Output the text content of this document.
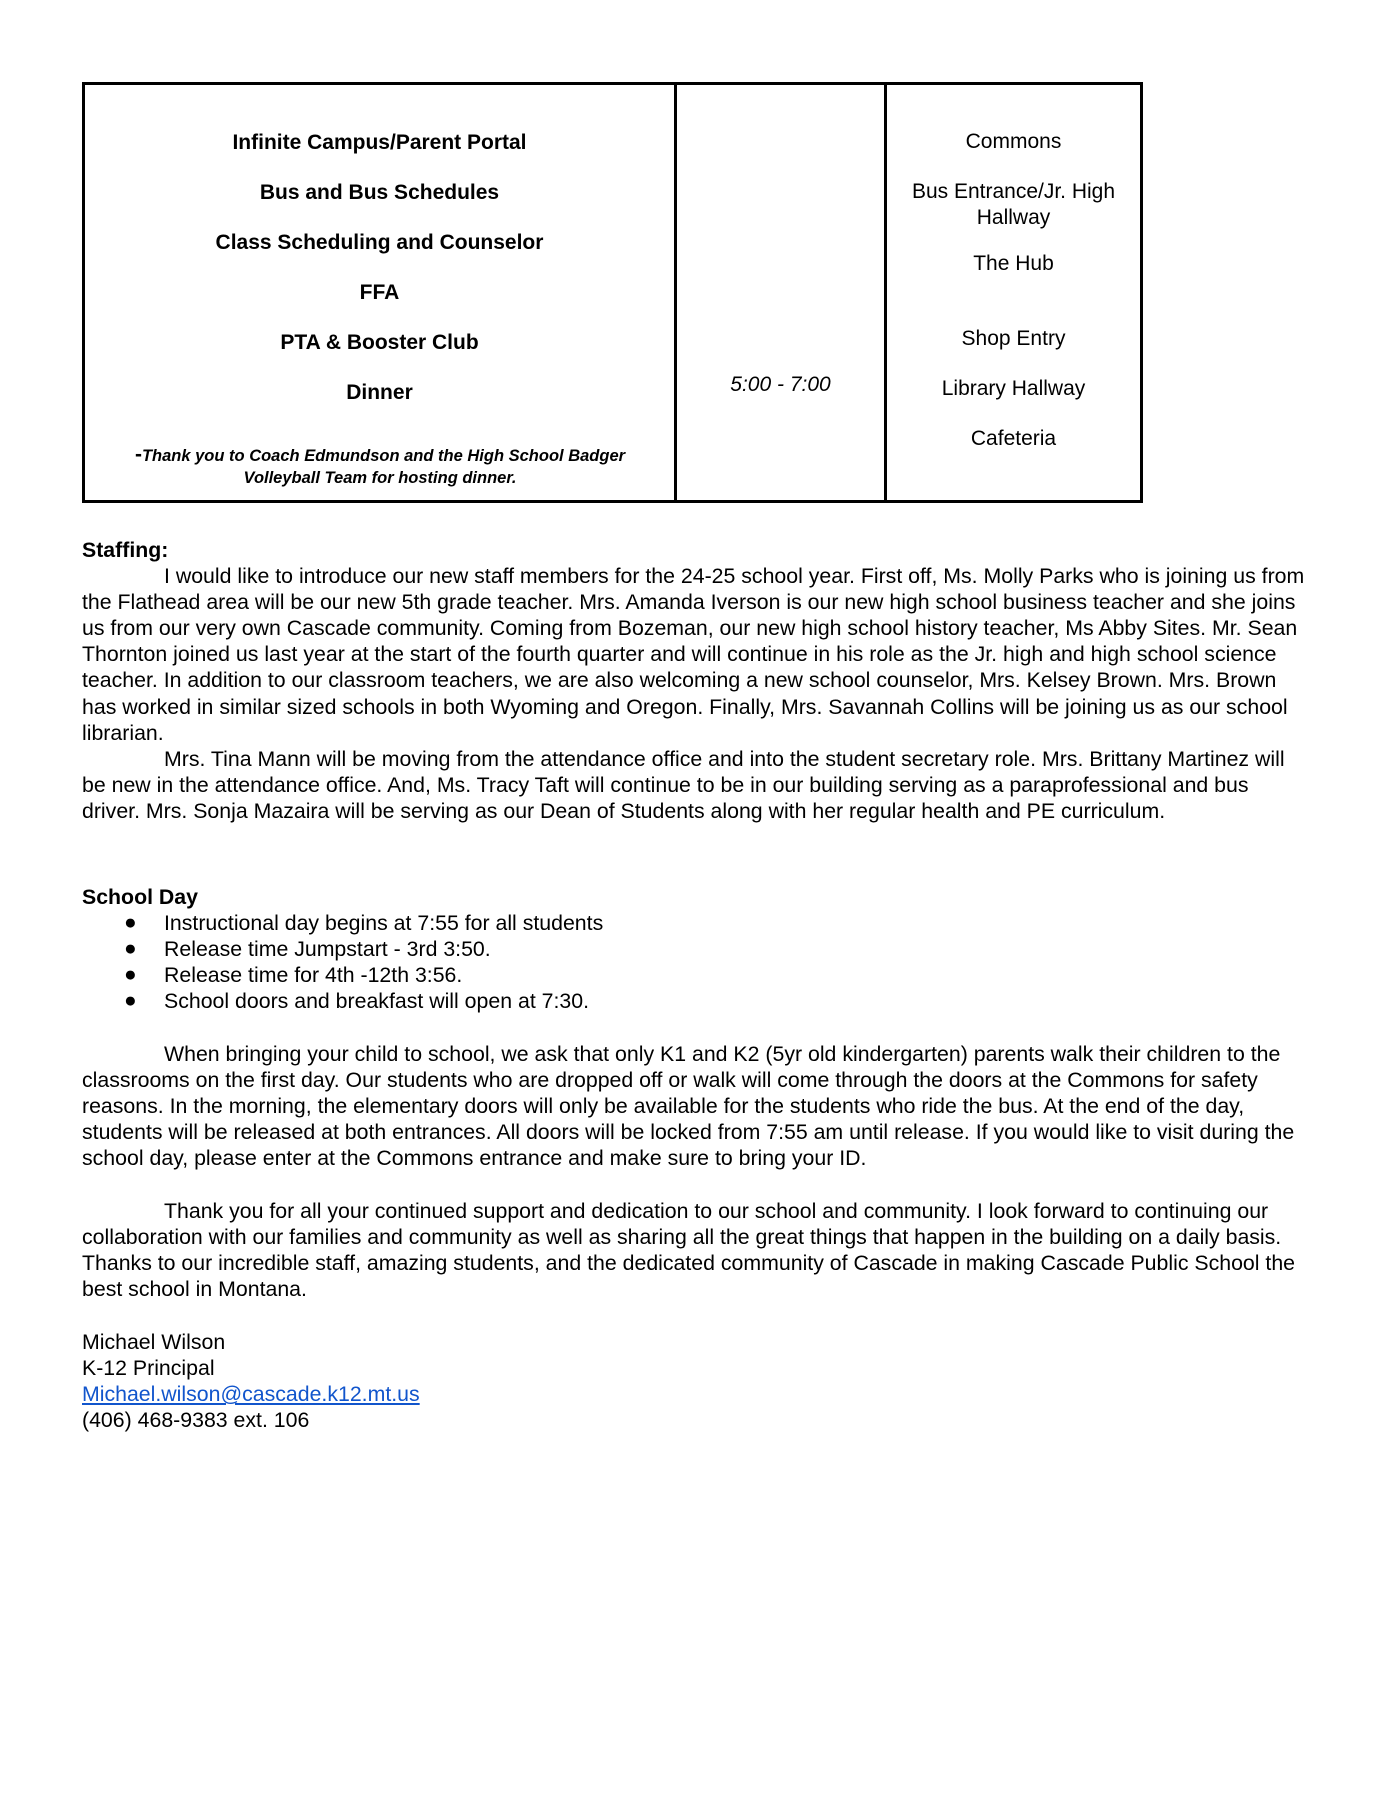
Infinite Campus/Parent Portal
Bus and Bus Schedules
Class Scheduling and Counselor
FFA
PTA & Booster Club
Dinner
-Thank you to Coach Edmundson and the High School Badger Volleyball Team for hosting dinner.
5:00 - 7:00
Commons
Bus Entrance/Jr. High Hallway
The Hub
Shop Entry
Library Hallway
Cafeteria
Staffing:
I would like to introduce our new staff members for the 24-25 school year. First off, Ms. Molly Parks who is joining us from the Flathead area will be our new 5th grade teacher. Mrs. Amanda Iverson is our new high school business teacher and she joins us from our very own Cascade community. Coming from Bozeman, our new high school history teacher, Ms Abby Sites. Mr. Sean Thornton joined us last year at the start of the fourth quarter and will continue in his role as the Jr. high and high school science teacher. In addition to our classroom teachers, we are also welcoming a new school counselor, Mrs. Kelsey Brown. Mrs. Brown has worked in similar sized schools in both Wyoming and Oregon. Finally, Mrs. Savannah Collins will be joining us as our school librarian.
Mrs. Tina Mann will be moving from the attendance office and into the student secretary role. Mrs. Brittany Martinez will be new in the attendance office. And, Ms. Tracy Taft will continue to be in our building serving as a paraprofessional and bus driver. Mrs. Sonja Mazaira will be serving as our Dean of Students along with her regular health and PE curriculum.
School Day
● Instructional day begins at 7:55 for all students
● Release time Jumpstart - 3rd 3:50.
● Release time for 4th -12th 3:56.
● School doors and breakfast will open at 7:30.
When bringing your child to school, we ask that only K1 and K2 (5yr old kindergarten) parents walk their children to the classrooms on the first day. Our students who are dropped off or walk will come through the doors at the Commons for safety reasons. In the morning, the elementary doors will only be available for the students who ride the bus. At the end of the day, students will be released at both entrances. All doors will be locked from 7:55 am until release. If you would like to visit during the school day, please enter at the Commons entrance and make sure to bring your ID.
Thank you for all your continued support and dedication to our school and community. I look forward to continuing our collaboration with our families and community as well as sharing all the great things that happen in the building on a daily basis. Thanks to our incredible staff, amazing students, and the dedicated community of Cascade in making Cascade Public School the best school in Montana.
Michael Wilson
K-12 Principal
Michael.wilson@cascade.k12.mt.us
(406) 468-9383 ext. 106
